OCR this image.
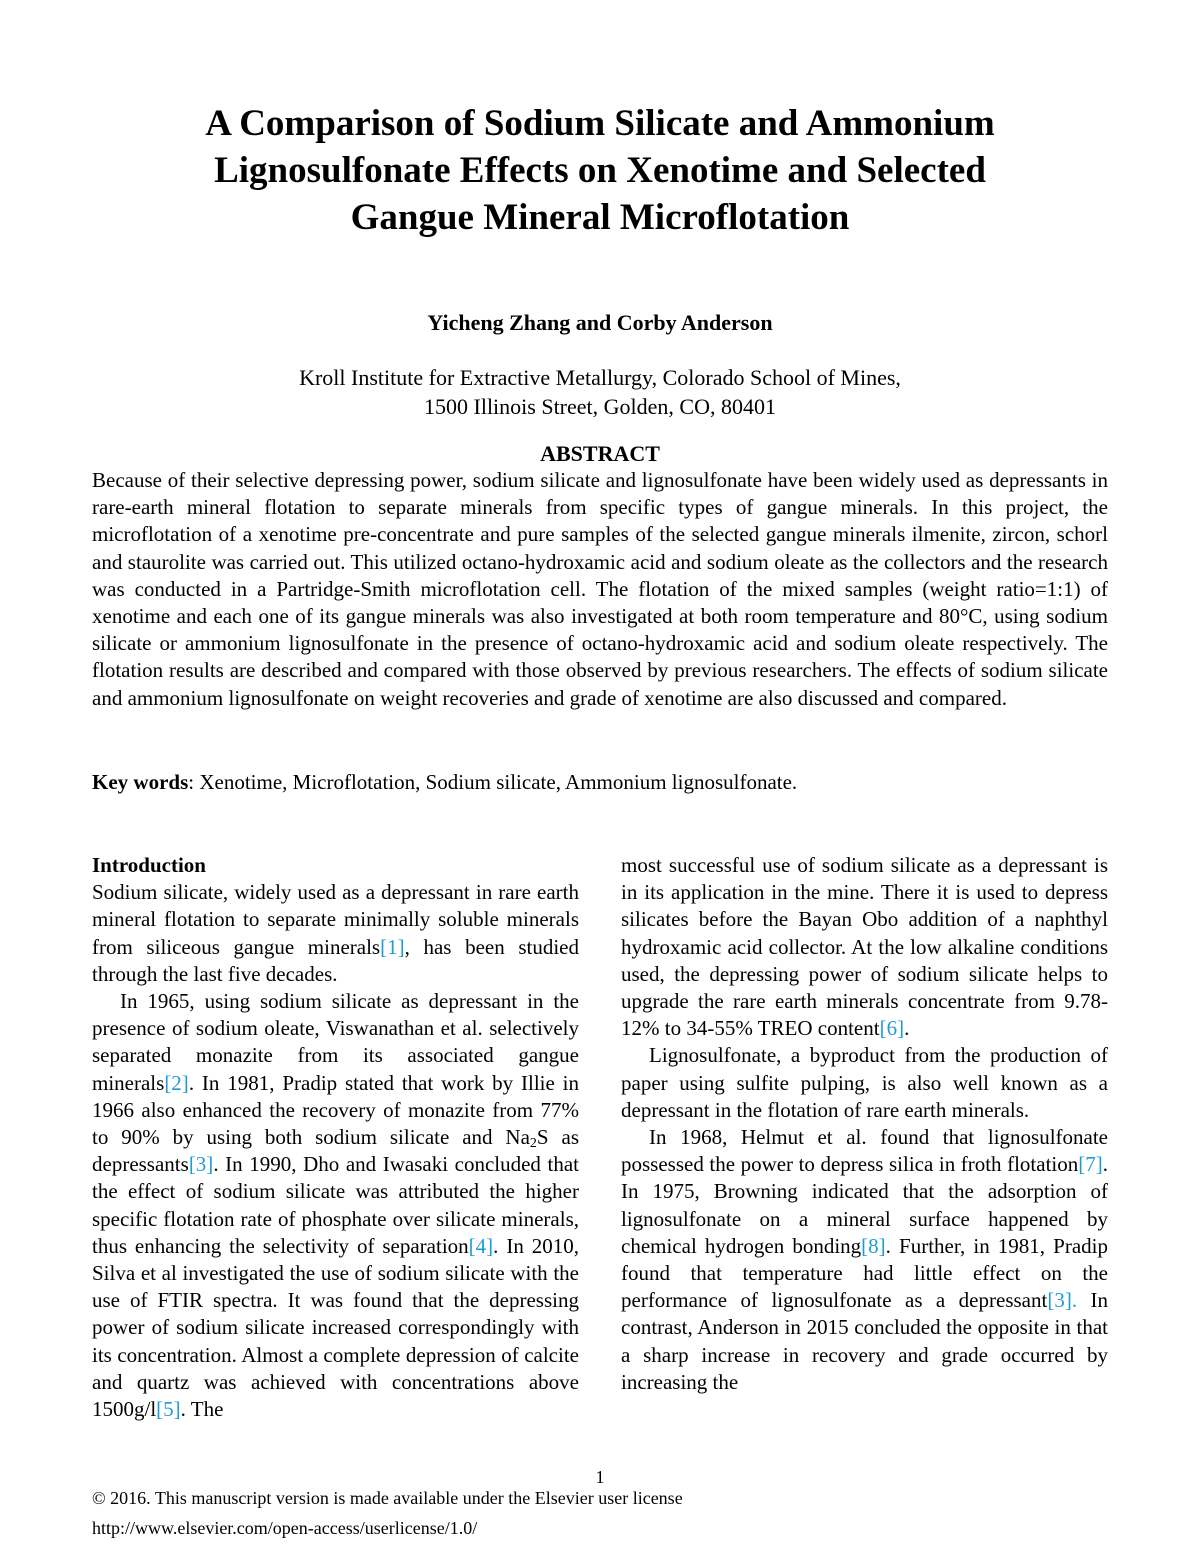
A Comparison of Sodium Silicate and Ammonium
Lignosulfonate Effects on Xenotime and Selected
Gangue Mineral Microflotation
Yicheng Zhang and Corby Anderson
Kroll Institute for Extractive Metallurgy, Colorado School of Mines,
1500 Illinois Street, Golden, CO, 80401
ABSTRACT

Because of their selective depressing power, sodium silicate and lignosulfonate have been widely used as depressants in rare-earth mineral flotation to separate minerals from specific types of gangue minerals. In this project, the microflotation of a xenotime pre-concentrate and pure samples of the selected gangue minerals ilmenite, zircon, schorl and staurolite was carried out. This utilized octano-hydroxamic acid and sodium oleate as the collectors and the research was conducted in a Partridge-Smith microflotation cell. The flotation of the mixed samples (weight ratio=1:1) of xenotime and each one of its gangue minerals was also investigated at both room temperature and 80°C, using sodium silicate or ammonium lignosulfonate in the presence of octano-hydroxamic acid and sodium oleate respectively. The flotation results are described and compared with those observed by previous researchers. The effects of sodium silicate and ammonium lignosulfonate on weight recoveries and grade of xenotime are also discussed and compared.

Key words: Xenotime, Microflotation, Sodium silicate, Ammonium lignosulfonate.

Introduction

Sodium silicate, widely used as a depressant in rare earth mineral flotation to separate minimally soluble minerals from siliceous gangue minerals[1], has been studied through the last five decades.

In 1965, using sodium silicate as depressant in the presence of sodium oleate, Viswanathan et al. selectively separated monazite from its associated gangue minerals[2]. In 1981, Pradip stated that work by Illie in 1966 also enhanced the recovery of monazite from 77% to 90% by using both sodium silicate and $Na_2S$ as depressants[3]. In 1990, Dho and Iwasaki concluded that the effect of sodium silicate was attributed the higher specific flotation rate of phosphate over silicate minerals, thus enhancing the selectivity of separation[4]. In 2010, Silva et al investigated the use of sodium silicate with the use of FTIR spectra. It was found that the depressing power of sodium silicate increased correspondingly with its concentration. Almost a complete depression of calcite and quartz was achieved with concentrations above 1500g/l[5]. The

most successful use of sodium silicate as a depressant is in its application in the mine. There it is used to depress silicates before the Bayan Obo addition of a naphthyl hydroxamic acid collector. At the low alkaline conditions used, the depressing power of sodium silicate helps to upgrade the rare earth minerals concentrate from 9.78-12% to 34-55% TREO content[6].

Lignosulfonate, a byproduct from the production of paper using sulfite pulping, is also well known as a depressant in the flotation of rare earth minerals.

In 1968, Helmut et al. found that lignosulfonate possessed the power to depress silica in froth flotation[7]. In 1975, Browning indicated that the adsorption of lignosulfonate on a mineral surface happened by chemical hydrogen bonding[8]. Further, in 1981, Pradip found that temperature had little effect on the performance of lignosulfonate as a depressant[3]. In contrast, Anderson in 2015 concluded the opposite in that a sharp increase in recovery and grade occurred by increasing the

1
© 2016. This manuscript version is made available under the Elsevier user license
http://www.elsevier.com/open-access/userlicense/1.0/
